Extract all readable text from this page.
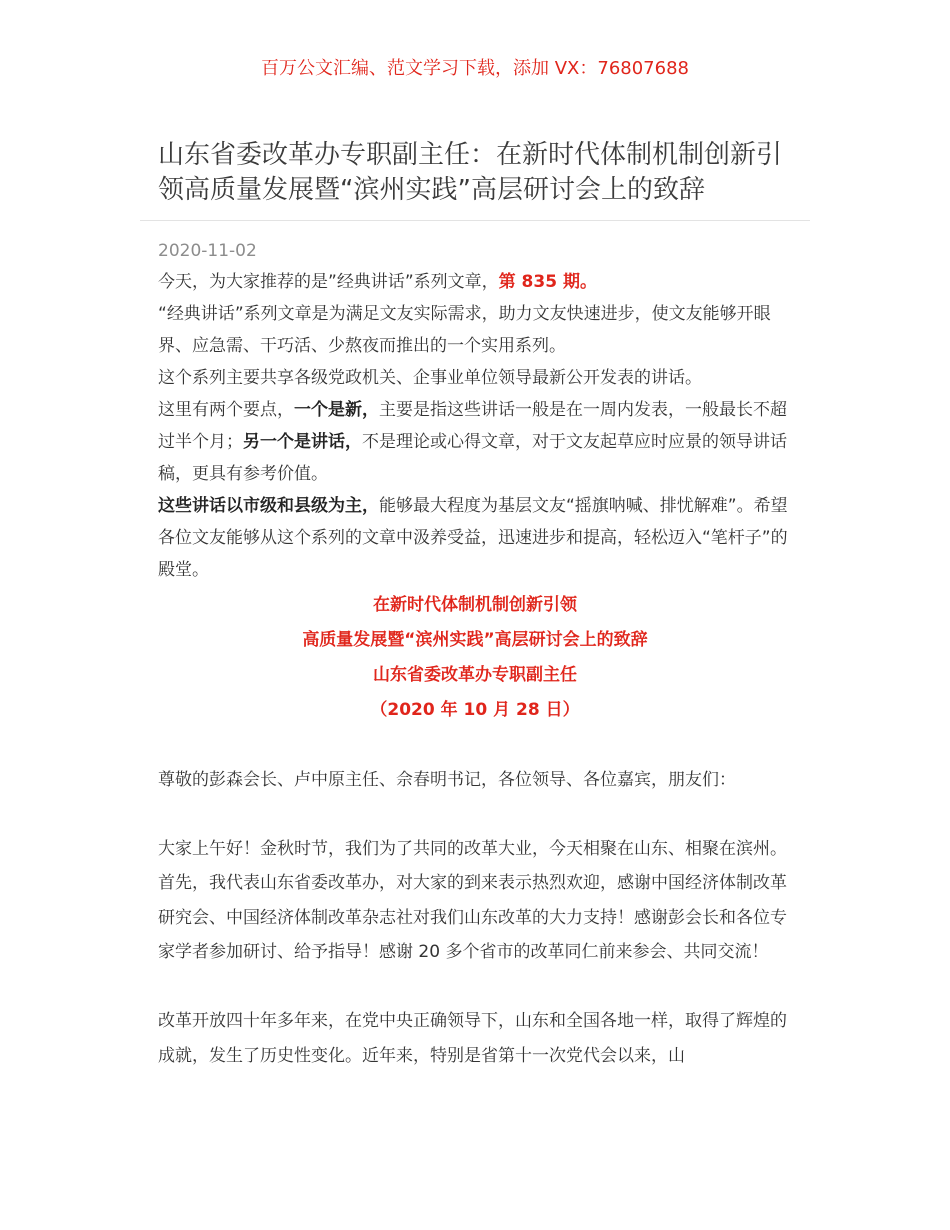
百万公文汇编、范文学习下载，添加 VX：76807688
山东省委改革办专职副主任：在新时代体制机制创新引领高质量发展暨“滨州实践”高层研讨会上的致辞
2020-11-02

今天，为大家推荐的是”经典讲话”系列文章，第 835 期。

“经典讲话”系列文章是为满足文友实际需求，助力文友快速进步，使文友能够开眼界、应急需、干巧活、少熬夜而推出的一个实用系列。

这个系列主要共享各级党政机关、企事业单位领导最新公开发表的讲话。

这里有两个要点，一个是新，主要是指这些讲话一般是在一周内发表，一般最长不超过半个月；另一个是讲话，不是理论或心得文章，对于文友起草应时应景的领导讲话稿，更具有参考价值。

这些讲话以市级和县级为主，能够最大程度为基层文友“摇旗呐喊、排忧解难”。希望各位文友能够从这个系列的文章中汲养受益，迅速进步和提高，轻松迈入“笔杆子”的殿堂。

在新时代体制机制创新引领
高质量发展暨“滨州实践”高层研讨会上的致辞
山东省委改革办专职副主任
（2020 年 10 月 28 日）

尊敬的彭森会长、卢中原主任、佘春明书记，各位领导、各位嘉宾，朋友们：

大家上午好！金秋时节，我们为了共同的改革大业，今天相聚在山东、相聚在滨州。首先，我代表山东省委改革办，对大家的到来表示热烈欢迎，感谢中国经济体制改革研究会、中国经济体制改革杂志社对我们山东改革的大力支持！感谢彭会长和各位专家学者参加研讨、给予指导！感谢 20 多个省市的改革同仁前来参会、共同交流！

改革开放四十年多年来，在党中央正确领导下，山东和全国各地一样，取得了辉煌的成就，发生了历史性变化。近年来，特别是省第十一次党代会以来，山
